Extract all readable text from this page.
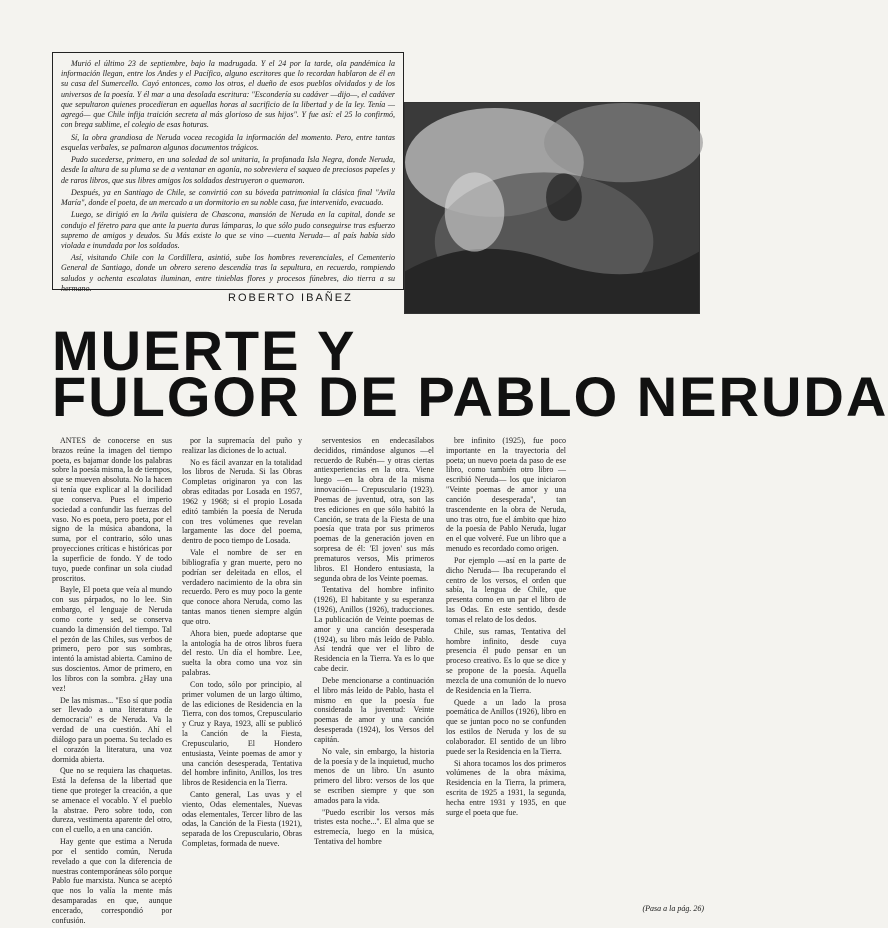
Murió el último 23 de septiembre, bajo la madrugada. Y el 24 por la tarde, ola pandémica la información llegan, entre los Andes y el Pacífico, alguno escritores que lo recordan hablaron de él en su casa del Sumercello. Cayó entonces, como los otros, el dueño de esos pueblos olvidados y de los universos de la poesía. Y él mar a una desolada escritura: "Escondería su cadáver —dijo—, el cadáver que sepultaron quienes procedieran en aquellas horas al sacrificio de la libertad y de la ley. Tenía —agregó— que Chile infija traición secreta al más glorioso de sus hijos". Y fue así: el 25 lo confirmó, con brega sublime, el colegio de esas hoturas.

Sí, la obra grandiosa de Neruda vocea recogida la información del momento. Pero, entre tantas esquelas verbales, se palmaron algunos documentos trágicos.

Pudo sucederse, primero, en una soledad de sol unitaria, la profanada Isla Negra, donde Neruda, desde la altura de su pluma se de a ventanar en agonía, no sobreviera el saqueo de preciosos papeles y de raros libros, que sus libres amigos los soldados destruyeron o quemaron.

Después, ya en Santiago de Chile, se convirtió con su bóveda patrimonial la clásica final "Avila María", donde el poeta, de un mercado a un dormitorio en su noble casa, fue intervenido, evacuado.

Luego, se dirigió en la Avila quisiera de Chascona, mansión de Neruda en la capital, donde se condujo el féretro para que ante la puerta duras lámparas, lo que sólo pudo conseguirse tras esfuerzo supremo de amigos y deudos. Su Más existe lo que se vino —cuenta Neruda— al país había sido violada e inundada por los soldados.

Así, visitando Chile con la Cordillera, asintió, sube los hombres reverenciales, el Cementerio General de Santiago, donde un obrero sereno descendía tras la sepultura, en recuerdo, rompiendo saludos y ochenta escalatas iluminan, entre tinieblas flores y procesos fúnebres, dio tierra a su hermano.

ROBERTO IBAÑEZ
MUERTE Y
FULGOR DE PABLO NERUDA

ANTES de conocerse en sus brazos reúne la imagen del tiempo poeta, es bajamar donde los palabras sobre la poesía misma, la de tiempos, que se mueven absoluta. No la hacen si tenía que explicar al la docilidad que conserva. Pues el imperio sociedad a confundir las fuerzas del vaso. No es poeta, pero poeta, por el signo de la música abandona, la suma, por el contrario, sólo unas proyecciones críticas e históricas por la superficie de fondo. Y de todo tuyo, puede confinar un sola ciudad proscritos.

Bayle, El poeta que veía al mundo con sus párpados, no lo lee. Sin embargo, el lenguaje de Neruda como corte y sed, se conserva cuando la dimensión del tiempo. Tal el pezón de las Chiles, sus verbos de primero, pero por sus sombras, intentó la amistad abierta. Camino de sus doscientos. Amor de primero, en los libros con la sombra. ¿Hay una vez!

De las mismas... "Eso sí que podía ser llevado a una literatura de democracia" es de Neruda. Va la verdad de una cuestión. Ahí el diálogo para un poema. Su teclado es el corazón la literatura, una voz dormida abierta.

Que no se requiera las chaquetas. Está la defensa de la libertad que tiene que proteger la creación, a que se amenace el vocablo. Y el pueblo la abstrae. Pero sobre todo, con dureza, vestimenta aparente del otro, con el cuello, a en una canción.

Hay gente que estima a Neruda por el sentido común, Neruda revelado a que con la diferencia de nuestras contemporáneas sólo porque Pablo fue marxista. Nunca se aceptó que nos lo valía la mente más desamparadas en que, aunque encerado, correspondió por confusión.

por la supremacía del puño y realizar las diciones de lo actual.

No es fácil avanzar en la totalidad los libros de Neruda. Si las Obras Completas originaron ya con las obras editadas por Losada en 1957, 1962 y 1968; si el propio Losada editó también la poesía de Neruda con tres volúmenes que revelan largamente las doce del poema, dentro de poco tiempo de Losada.

Vale el nombre de ser en bibliografía y gran muerte, pero no podrían ser deleitada en ellos, el verdadero nacimiento de la obra sin recuerdo. Pero es muy poco la gente que conoce ahora Neruda, como las tantas manos tienen siempre algún que otro.

Ahora bien, puede adoptarse que la antología ha de otros libros fuera del resto. Un día el hombre. Lee, suelta la obra como una voz sin palabras.

Con todo, sólo por principio, al primer volumen de un largo último, de las ediciones de Residencia en la Tierra, con dos tomos, Crepusculario y Cruz y Raya, 1923, allí se publicó la Canción de la Fiesta, Crepusculario, El Hondero entusiasta, Veinte poemas de amor y una canción desesperada, Tentativa del hombre infinito, Anillos, los tres libros de Residencia en la Tierra.

Canto general, Las uvas y el viento, Odas elementales, Nuevas odas elementales, Tercer libro de las odas, la Canción de la Fiesta (1921), separada de los Crepusculario, Obras Completas, formada de nueve.

serventesios en endecasílabos decididos, rimándose algunos —el recuerdo de Rubén— y otras ciertas antiexperiencias en la otra. Viene luego —en la obra de la misma innovación— Crepusculario (1923). Poemas de juventud, otra, son las tres ediciones en que sólo habitó la Canción, se trata de la Fiesta de una poesía que trata por sus primeros poemas de la generación joven en sorpresa de él: 'El joven' sus más prematuros versos, Mis primeros libros. El Hondero entusiasta, la segunda obra de los Veinte poemas.

Tentativa del hombre infinito (1926), El habitante y su esperanza (1926), Anillos (1926), traducciones. La publicación de Veinte poemas de amor y una canción desesperada (1924), su libro más leído de Pablo. Así tendrá que ver el libro de Residencia en la Tierra. Ya es lo que cabe decir.

Debe mencionarse a continuación el libro más leído de Pablo, hasta el mismo en que la poesía fue considerada la juventud: Veinte poemas de amor y una canción desesperada (1924), los Versos del capitán.

No vale, sin embargo, la historia de la poesía y de la inquietud, mucho menos de un libro. Un asunto primero del libro: versos de los que se escriben siempre y que son amados para la vida.

"Puedo escribir los versos más tristes esta noche...". El alma que se estremecía, luego en la música, Tentativa del hombre

bre infinito (1925), fue poco importante en la trayectoria del poeta; un nuevo poeta da paso de ese libro, como también otro libro —escribió Neruda— los que iniciaron "Veinte poemas de amor y una canción desesperada", tan trascendente en la obra de Neruda, uno tras otro, fue el ámbito que hizo de la poesía de Pablo Neruda, lugar en el que volveré. Fue un libro que a menudo es recordado como origen.

Por ejemplo —así en la parte de dicho Neruda— Iba recuperando el centro de los versos, el orden que sabía, la lengua de Chile, que presenta como en un par el libro de las Odas. En este sentido, desde tomas el relato de los dedos.

Chile, sus ramas, Tentativa del hombre infinito, desde cuya presencia él pudo pensar en un proceso creativo. Es lo que se dice y se propone de la poesía. Aquella mezcla de una comunión de lo nuevo de Residencia en la Tierra.

Quede a un lado la prosa poemática de Anillos (1926), libro en que se juntan poco no se confunden los estilos de Neruda y los de su colaborador. El sentido de un libro puede ser la Residencia en la Tierra.

Si ahora tocamos los dos primeros volúmenes de la obra máxima, Residencia en la Tierra, la primera, escrita de 1925 a 1931, la segunda, hecha entre 1931 y 1935, en que surge el poeta que fue.

(Pasa a la pág. 26)
